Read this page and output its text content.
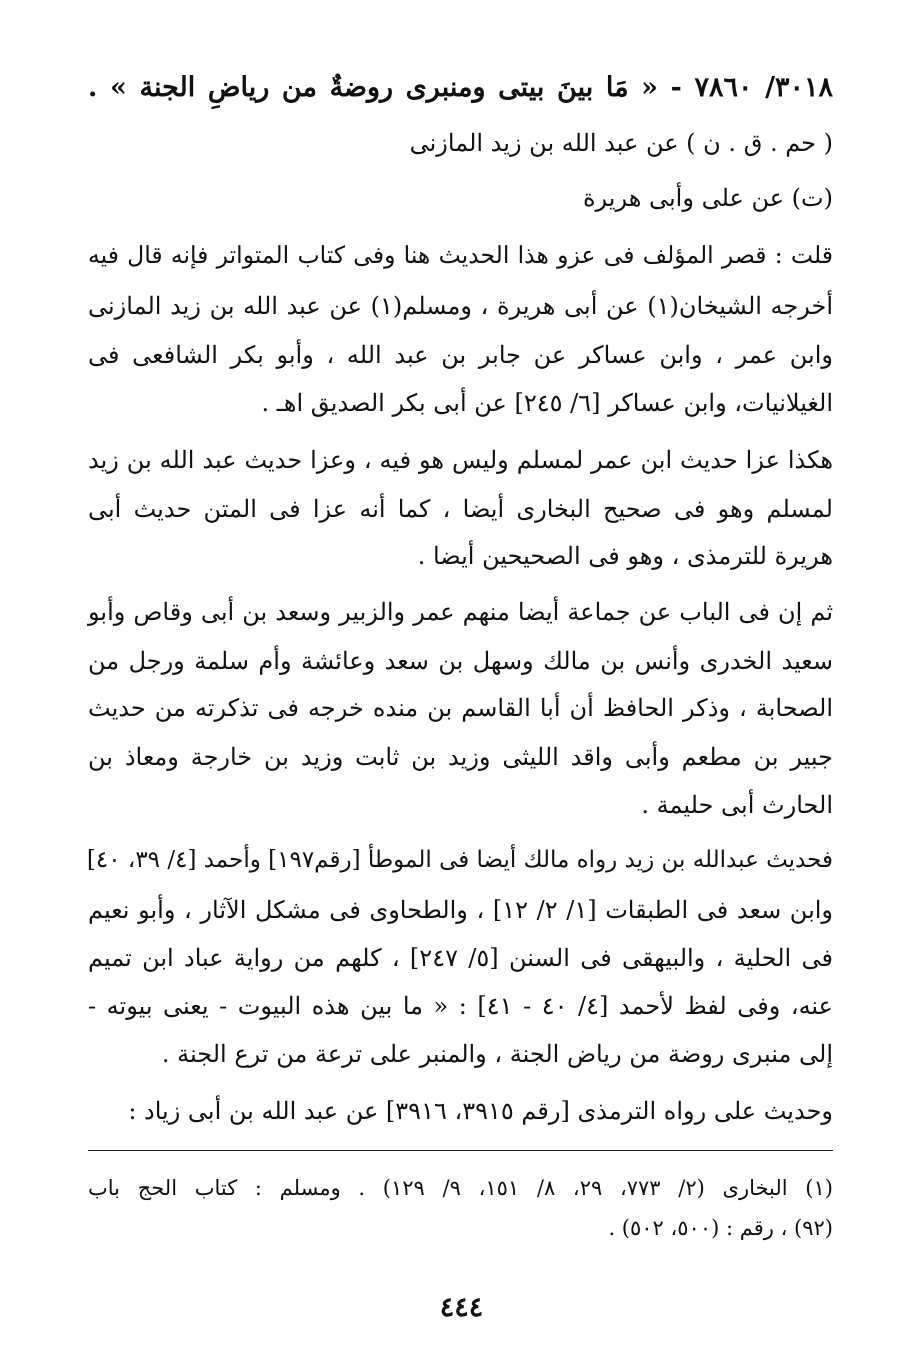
٣٠١٨/ ٧٨٦٠ - « مَا بينَ بيتى ومنبرى روضةٌ من رياضِ الجنة » .
( حم . ق . ن ) عن عبد الله بن زيد المازنى
(ت) عن على وأبى هريرة
قلت : قصر المؤلف فى عزو هذا الحديث هنا وفى كتاب المتواتر فإنه قال فيه
أخرجه الشيخان(١) عن أبى هريرة ، ومسلم(١) عن عبد الله بن زيد المازنى
وابن عمر ، وابن عساكر عن جابر بن عبد الله ، وأبو بكر الشافعى فى
الغيلانيات، وابن عساكر [٦/ ٢٤٥] عن أبى بكر الصديق اهـ .
هكذا عزا حديث ابن عمر لمسلم وليس هو فيه ، وعزا حديث عبد الله بن زيد
لمسلم وهو فى صحيح البخارى أيضا ، كما أنه عزا فى المتن حديث أبى
هريرة للترمذى ، وهو فى الصحيحين أيضا .
ثم إن فى الباب عن جماعة أيضا منهم عمر والزبير وسعد بن أبى وقاص وأبو
سعيد الخدرى وأنس بن مالك وسهل بن سعد وعائشة وأم سلمة ورجل من
الصحابة ، وذكر الحافظ أن أبا القاسم بن منده خرجه فى تذكرته من حديث
جبير بن مطعم وأبى واقد الليثى وزيد بن ثابت وزيد بن خارجة ومعاذ بن
الحارث أبى حليمة .
فحديث عبدالله بن زيد رواه مالك أيضا فى الموطأ [رقم١٩٧] وأحمد [٤/ ٣٩، ٤٠]
وابن سعد فى الطبقات [١/ ٢/ ١٢] ، والطحاوى فى مشكل الآثار ، وأبو نعيم
فى الحلية ، والبيهقى فى السنن [٥/ ٢٤٧] ، كلهم من رواية عباد ابن تميم
عنه، وفى لفظ لأحمد [٤/ ٤٠ - ٤١] : « ما بين هذه البيوت - يعنى بيوته -
إلى منبرى روضة من رياض الجنة ، والمنبر على ترعة من ترع الجنة .
وحديث على رواه الترمذى [رقم ٣٩١٥، ٣٩١٦] عن عبد الله بن أبى زياد :
(١) البخارى (٢/ ٧٧٣، ٢٩، ٨/ ١٥١، ٩/ ١٢٩) . ومسلم : كتاب الحج باب
(٩٢) ، رقم : (٥٠٠، ٥٠٢) .
٤٤٤
